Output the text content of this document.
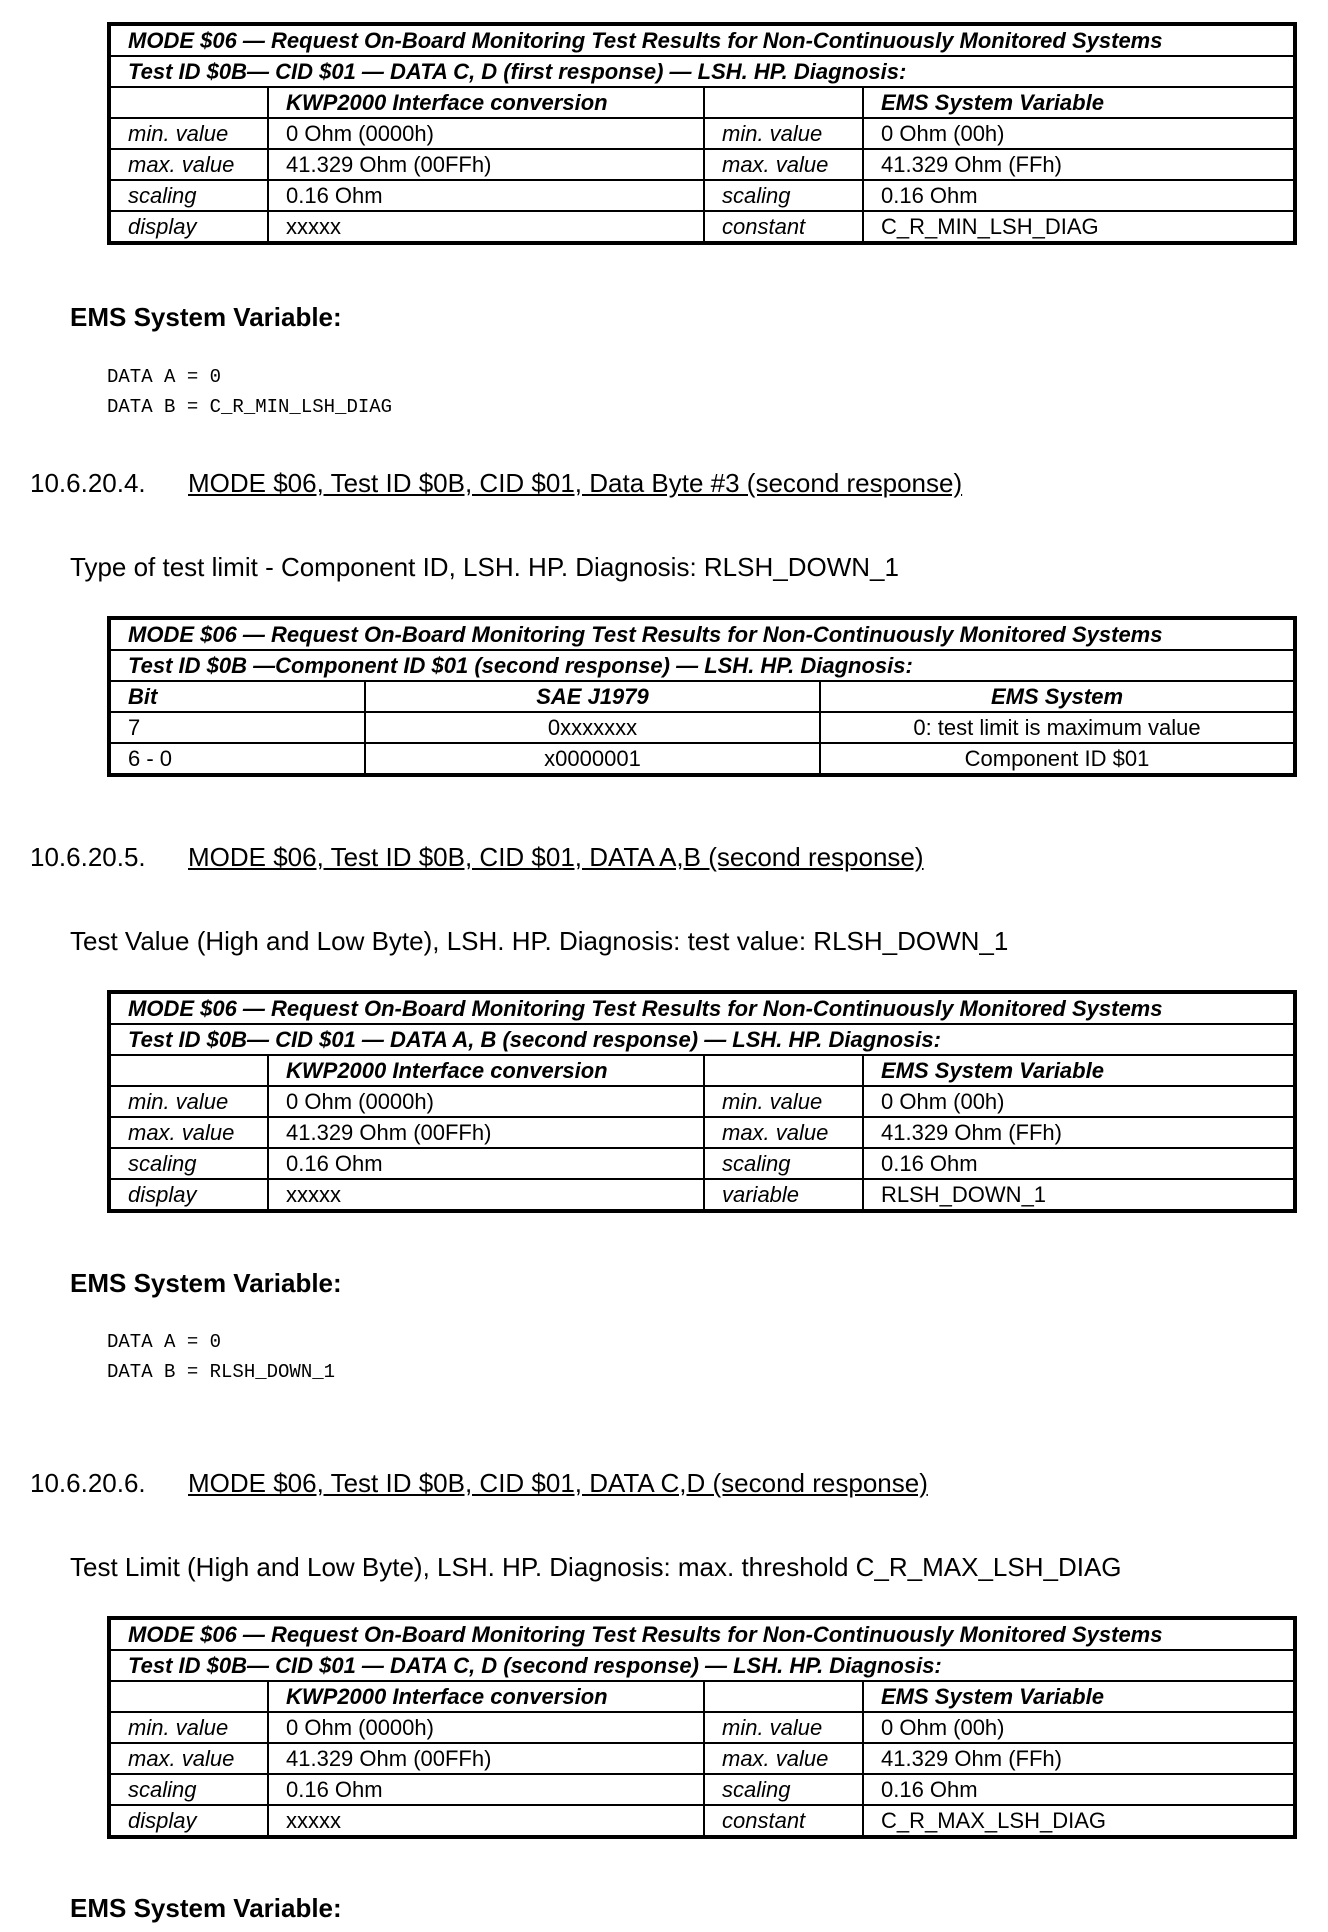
MODE $06 — Request On-Board Monitoring Test Results for Non-Continuously Monitored Systems			
Test ID $0B— CID $01 — DATA C, D (first response) — LSH. HP. Diagnosis:			
	KWP2000 Interface conversion		EMS System Variable
min. value	0 Ohm (0000h)	min. value	0 Ohm (00h)
max. value	41.329 Ohm (00FFh)	max. value	41.329 Ohm (FFh)
scaling	0.16 Ohm	scaling	0.16 Ohm
display	xxxxx	constant	C_R_MIN_LSH_DIAG
EMS System Variable:
DATA A = 0
DATA B = C_R_MIN_LSH_DIAG
10.6.20.4. MODE $06, Test ID $0B, CID $01, Data Byte #3 (second response)
Type of test limit - Component ID, LSH. HP. Diagnosis: RLSH_DOWN_1
MODE $06 — Request On-Board Monitoring Test Results for Non-Continuously Monitored Systems		
Test ID $0B —Component ID $01 (second response) — LSH. HP. Diagnosis:		
Bit	SAE J1979	EMS System
7	0xxxxxxx	0: test limit is maximum value
6 - 0	x0000001	Component ID $01
10.6.20.5. MODE $06, Test ID $0B, CID $01, DATA A,B (second response)
Test Value (High and Low Byte), LSH. HP. Diagnosis: test value: RLSH_DOWN_1
MODE $06 — Request On-Board Monitoring Test Results for Non-Continuously Monitored Systems			
Test ID $0B— CID $01 — DATA A, B (second response) — LSH. HP. Diagnosis:			
	KWP2000 Interface conversion		EMS System Variable
min. value	0 Ohm (0000h)	min. value	0 Ohm (00h)
max. value	41.329 Ohm (00FFh)	max. value	41.329 Ohm (FFh)
scaling	0.16 Ohm	scaling	0.16 Ohm
display	xxxxx	variable	RLSH_DOWN_1
EMS System Variable:
DATA A = 0
DATA B = RLSH_DOWN_1
10.6.20.6. MODE $06, Test ID $0B, CID $01, DATA C,D (second response)
Test Limit (High and Low Byte), LSH. HP. Diagnosis: max. threshold C_R_MAX_LSH_DIAG
MODE $06 — Request On-Board Monitoring Test Results for Non-Continuously Monitored Systems			
Test ID $0B— CID $01 — DATA C, D (second response) — LSH. HP. Diagnosis:			
	KWP2000 Interface conversion		EMS System Variable
min. value	0 Ohm (0000h)	min. value	0 Ohm (00h)
max. value	41.329 Ohm (00FFh)	max. value	41.329 Ohm (FFh)
scaling	0.16 Ohm	scaling	0.16 Ohm
display	xxxxx	constant	C_R_MAX_LSH_DIAG
EMS System Variable:
